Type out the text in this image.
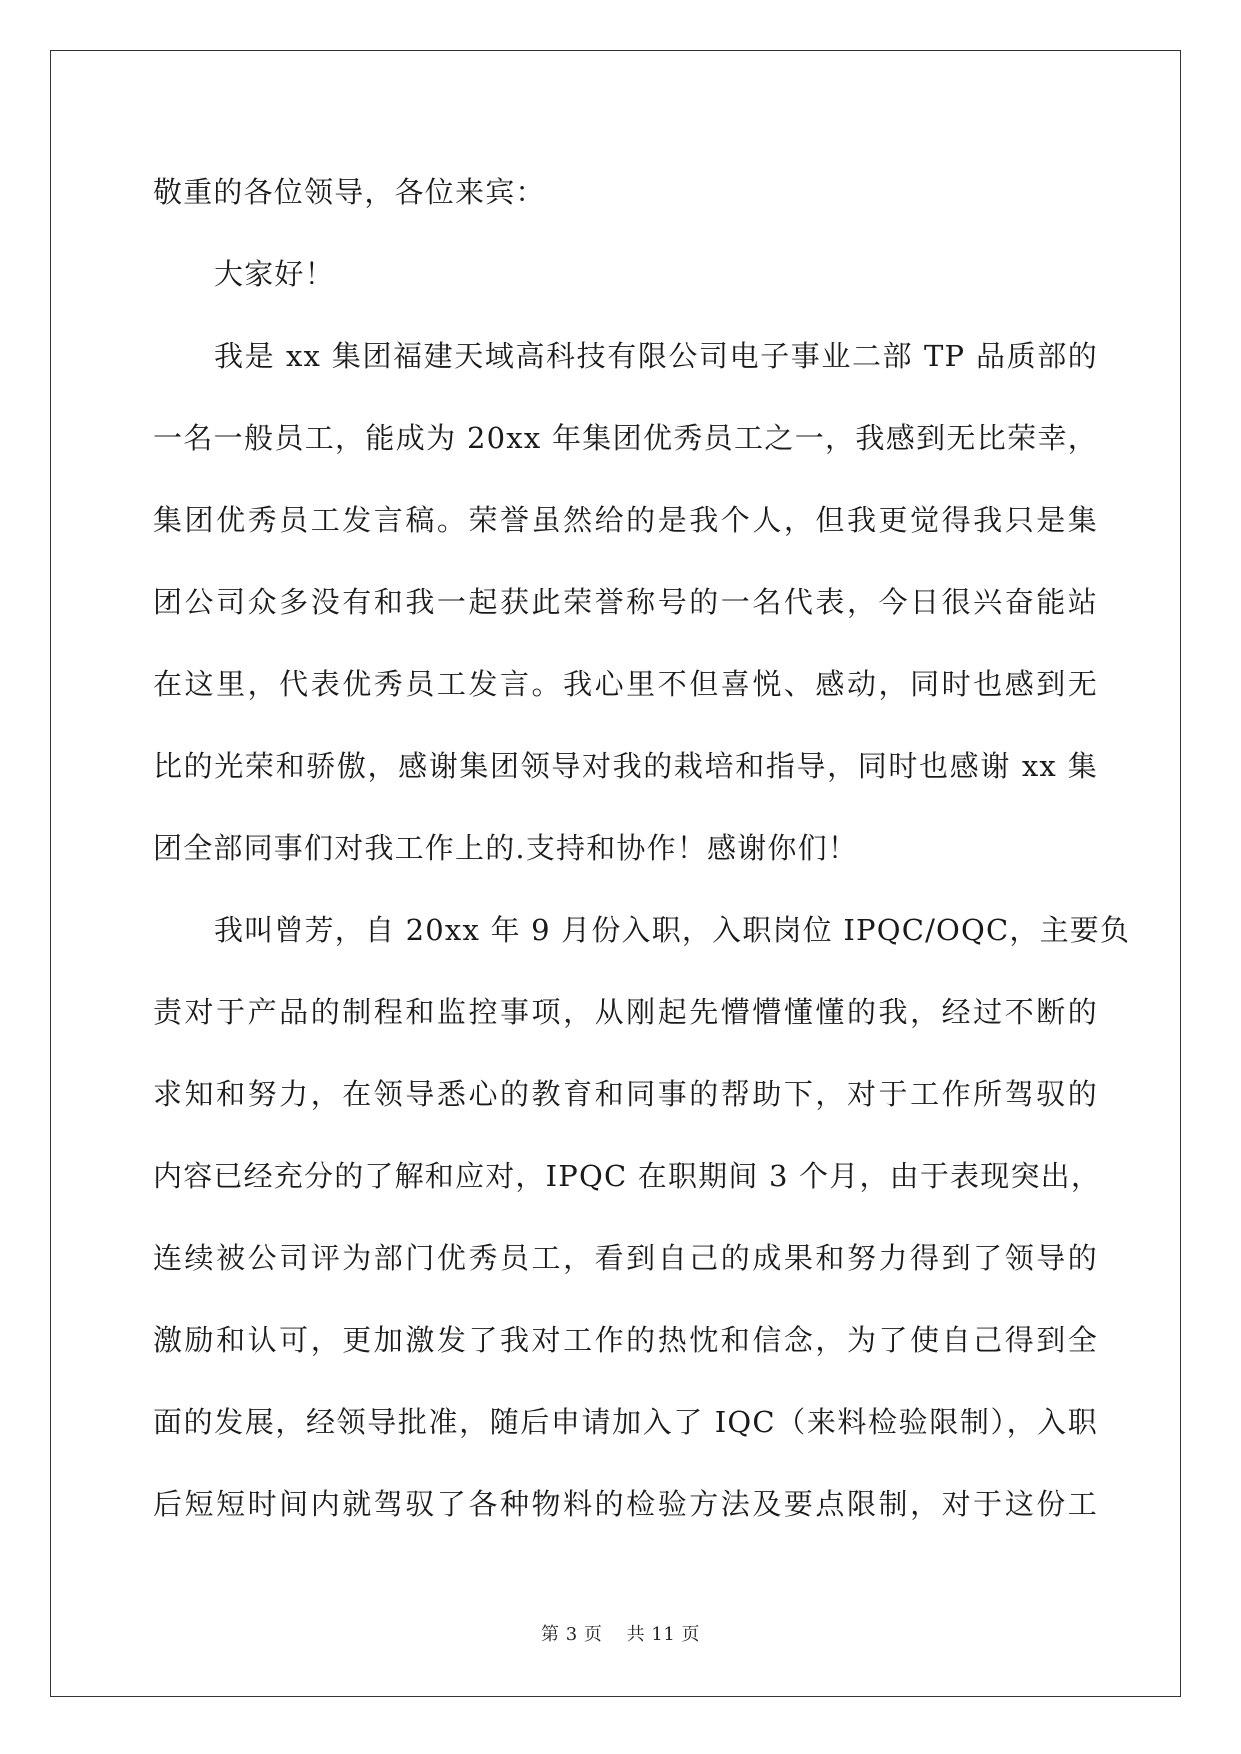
敬重的各位领导，各位来宾：
大家好！
我是 xx 集团福建天域高科技有限公司电子事业二部 TP 品质部的
一名一般员工，能成为 20xx 年集团优秀员工之一，我感到无比荣幸，
集团优秀员工发言稿。荣誉虽然给的是我个人，但我更觉得我只是集
团公司众多没有和我一起获此荣誉称号的一名代表，今日很兴奋能站
在这里，代表优秀员工发言。我心里不但喜悦、感动，同时也感到无
比的光荣和骄傲，感谢集团领导对我的栽培和指导，同时也感谢 xx 集
团全部同事们对我工作上的.支持和协作！感谢你们！
我叫曾芳，自 20xx 年 9 月份入职，入职岗位 IPQC/OQC，主要负
责对于产品的制程和监控事项，从刚起先懵懵懂懂的我，经过不断的
求知和努力，在领导悉心的教育和同事的帮助下，对于工作所驾驭的
内容已经充分的了解和应对，IPQC 在职期间 3 个月，由于表现突出，
连续被公司评为部门优秀员工，看到自己的成果和努力得到了领导的
激励和认可，更加激发了我对工作的热忱和信念，为了使自己得到全
面的发展，经领导批准，随后申请加入了 IQC（来料检验限制），入职
后短短时间内就驾驭了各种物料的检验方法及要点限制，对于这份工
第 3 页 共 11 页
